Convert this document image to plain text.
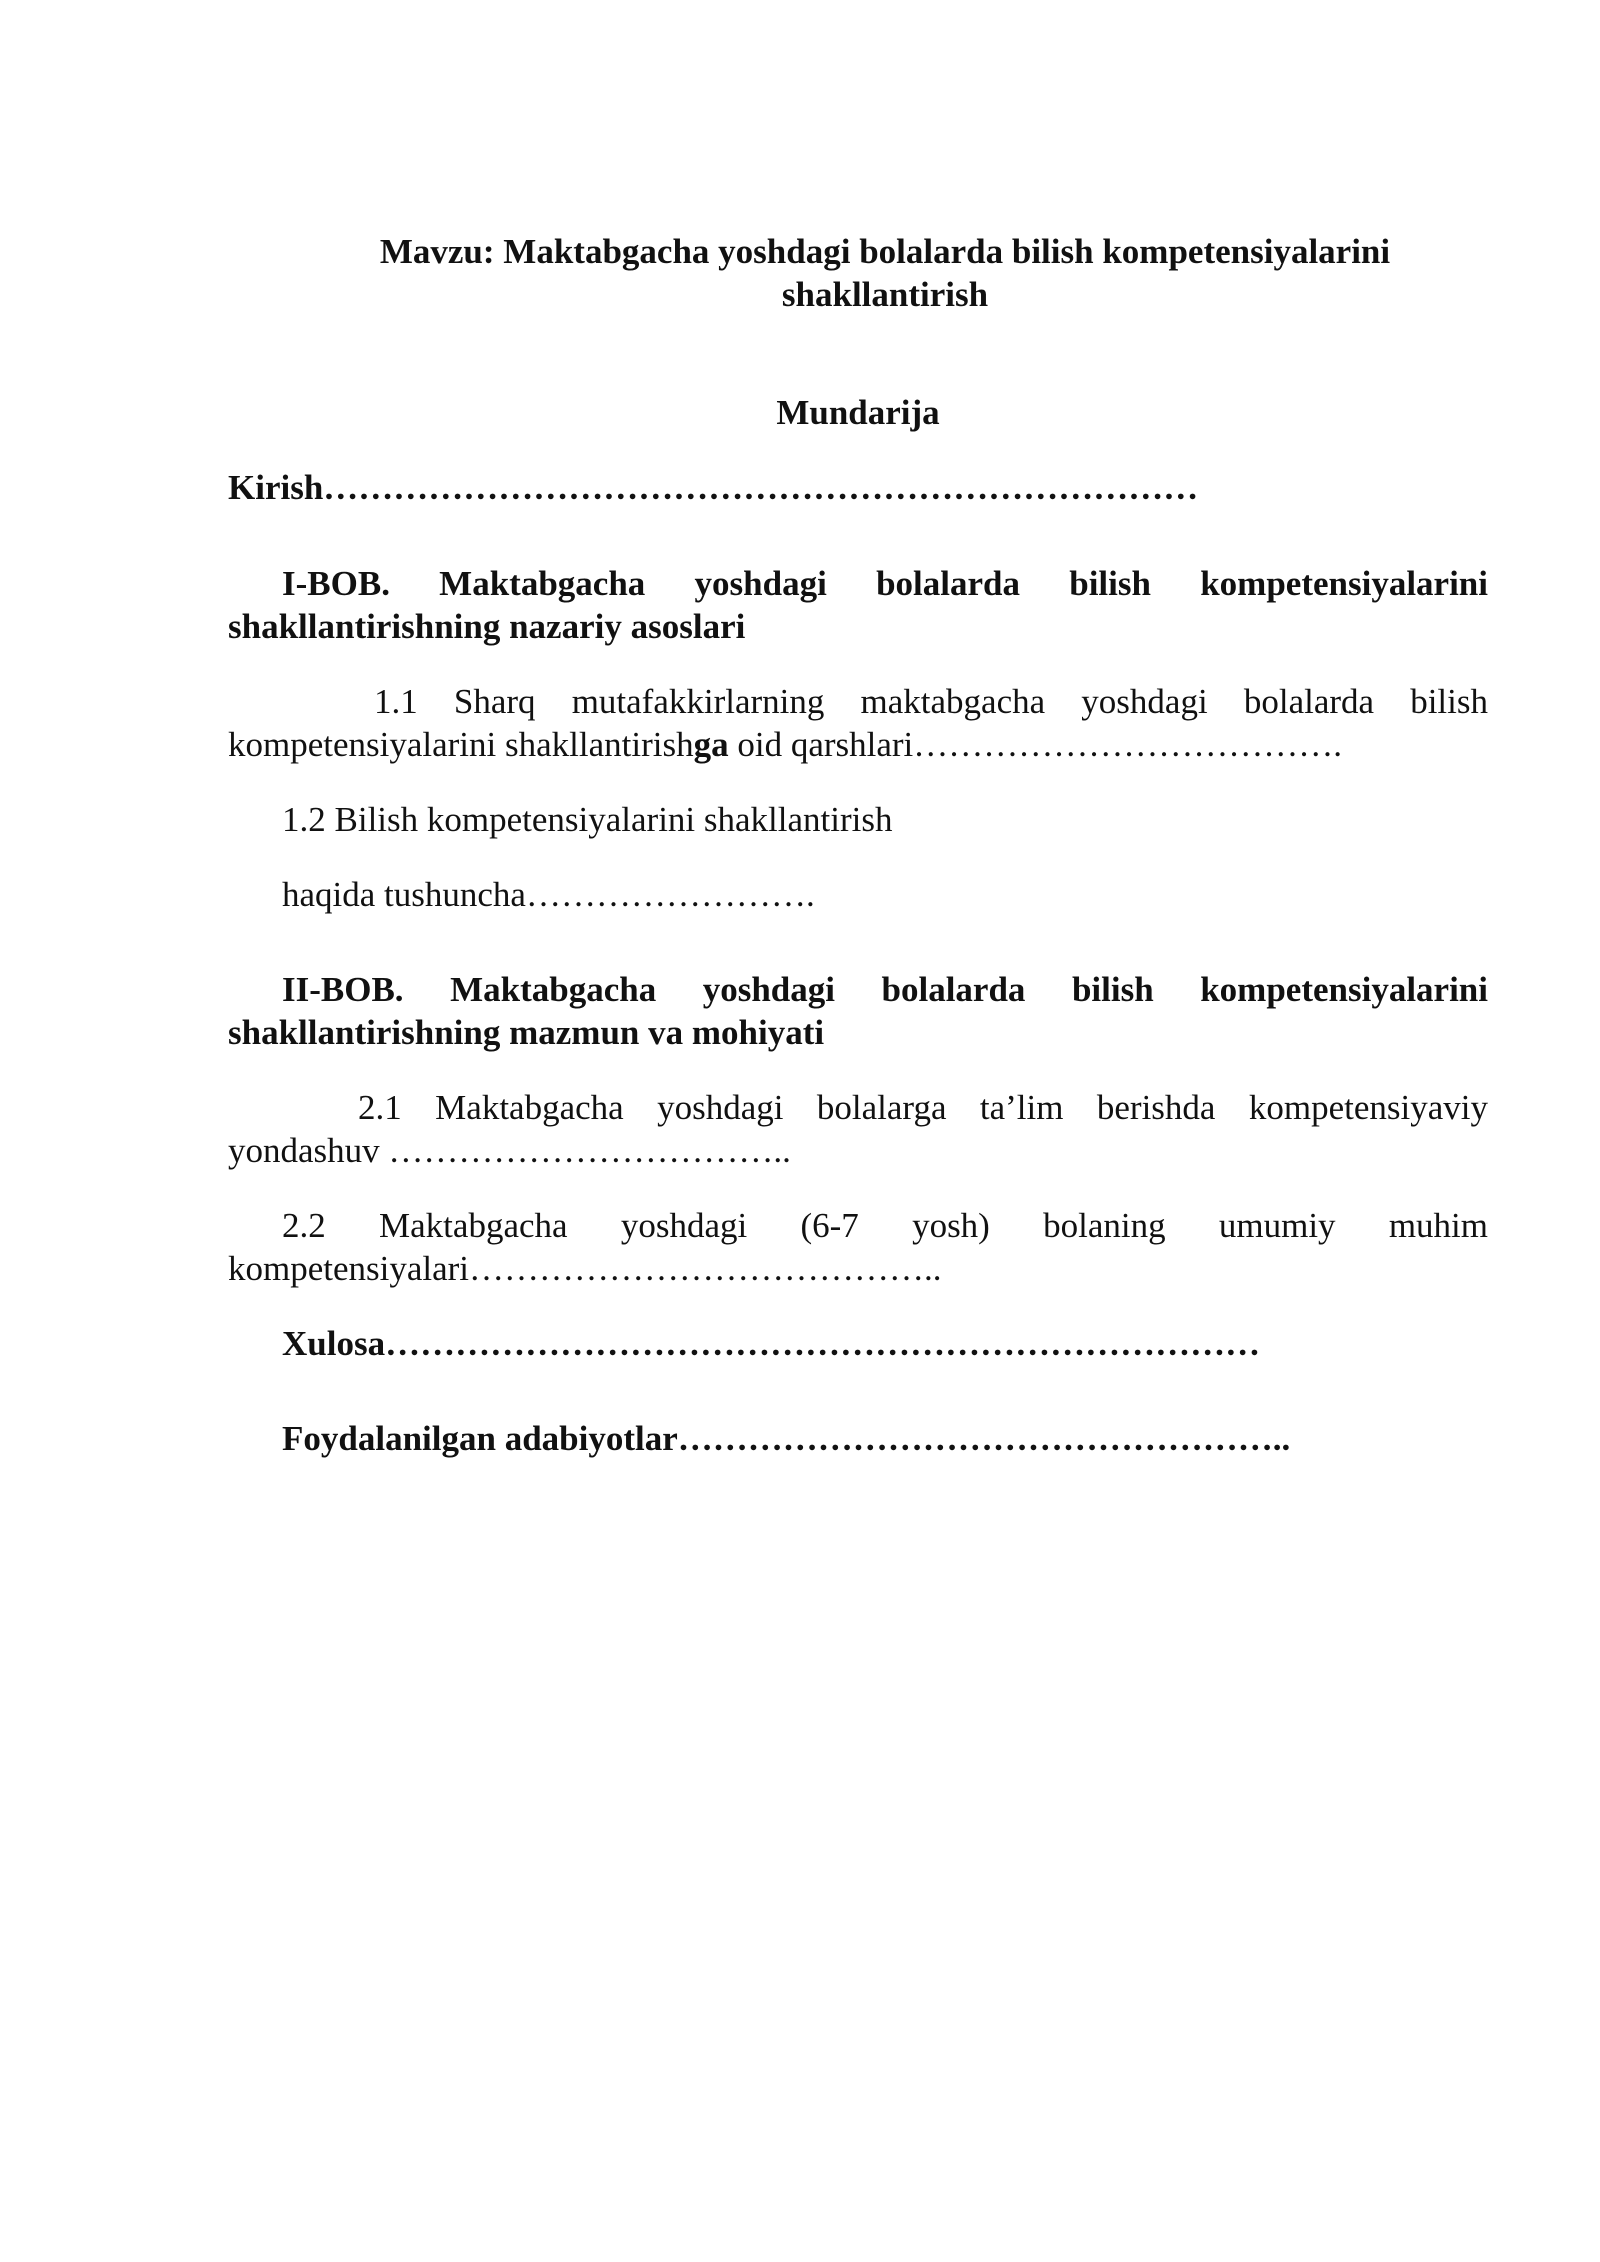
Mavzu: Maktabgacha yoshdagi bolalarda bilish kompetensiyalarini shakllantirish
Mundarija
Kirish…………………………………………………………………
I-BOB. Maktabgacha yoshdagi bolalarda bilish kompetensiyalarini shakllantirishning nazariy asoslari
1.1 Sharq mutafakkirlarning maktabgacha yoshdagi bolalarda bilish kompetensiyalarini shakllantirishga oid qarshlari……………………………….
1.2 Bilish kompetensiyalarini shakllantirish
haqida tushuncha…………………….
II-BOB. Maktabgacha yoshdagi bolalarda bilish kompetensiyalarini shakllantirishning mazmun va mohiyati
2.1 Maktabgacha yoshdagi bolalarga ta’lim berishda kompetensiyaviy yondashuv ……………………………..
2.2 Maktabgacha yoshdagi (6-7 yosh) bolaning umumiy muhim kompetensiyalari…………………………………..
Xulosa…………………………………………………………………
Foydalanilgan adabiyotlar……………………………………………..
